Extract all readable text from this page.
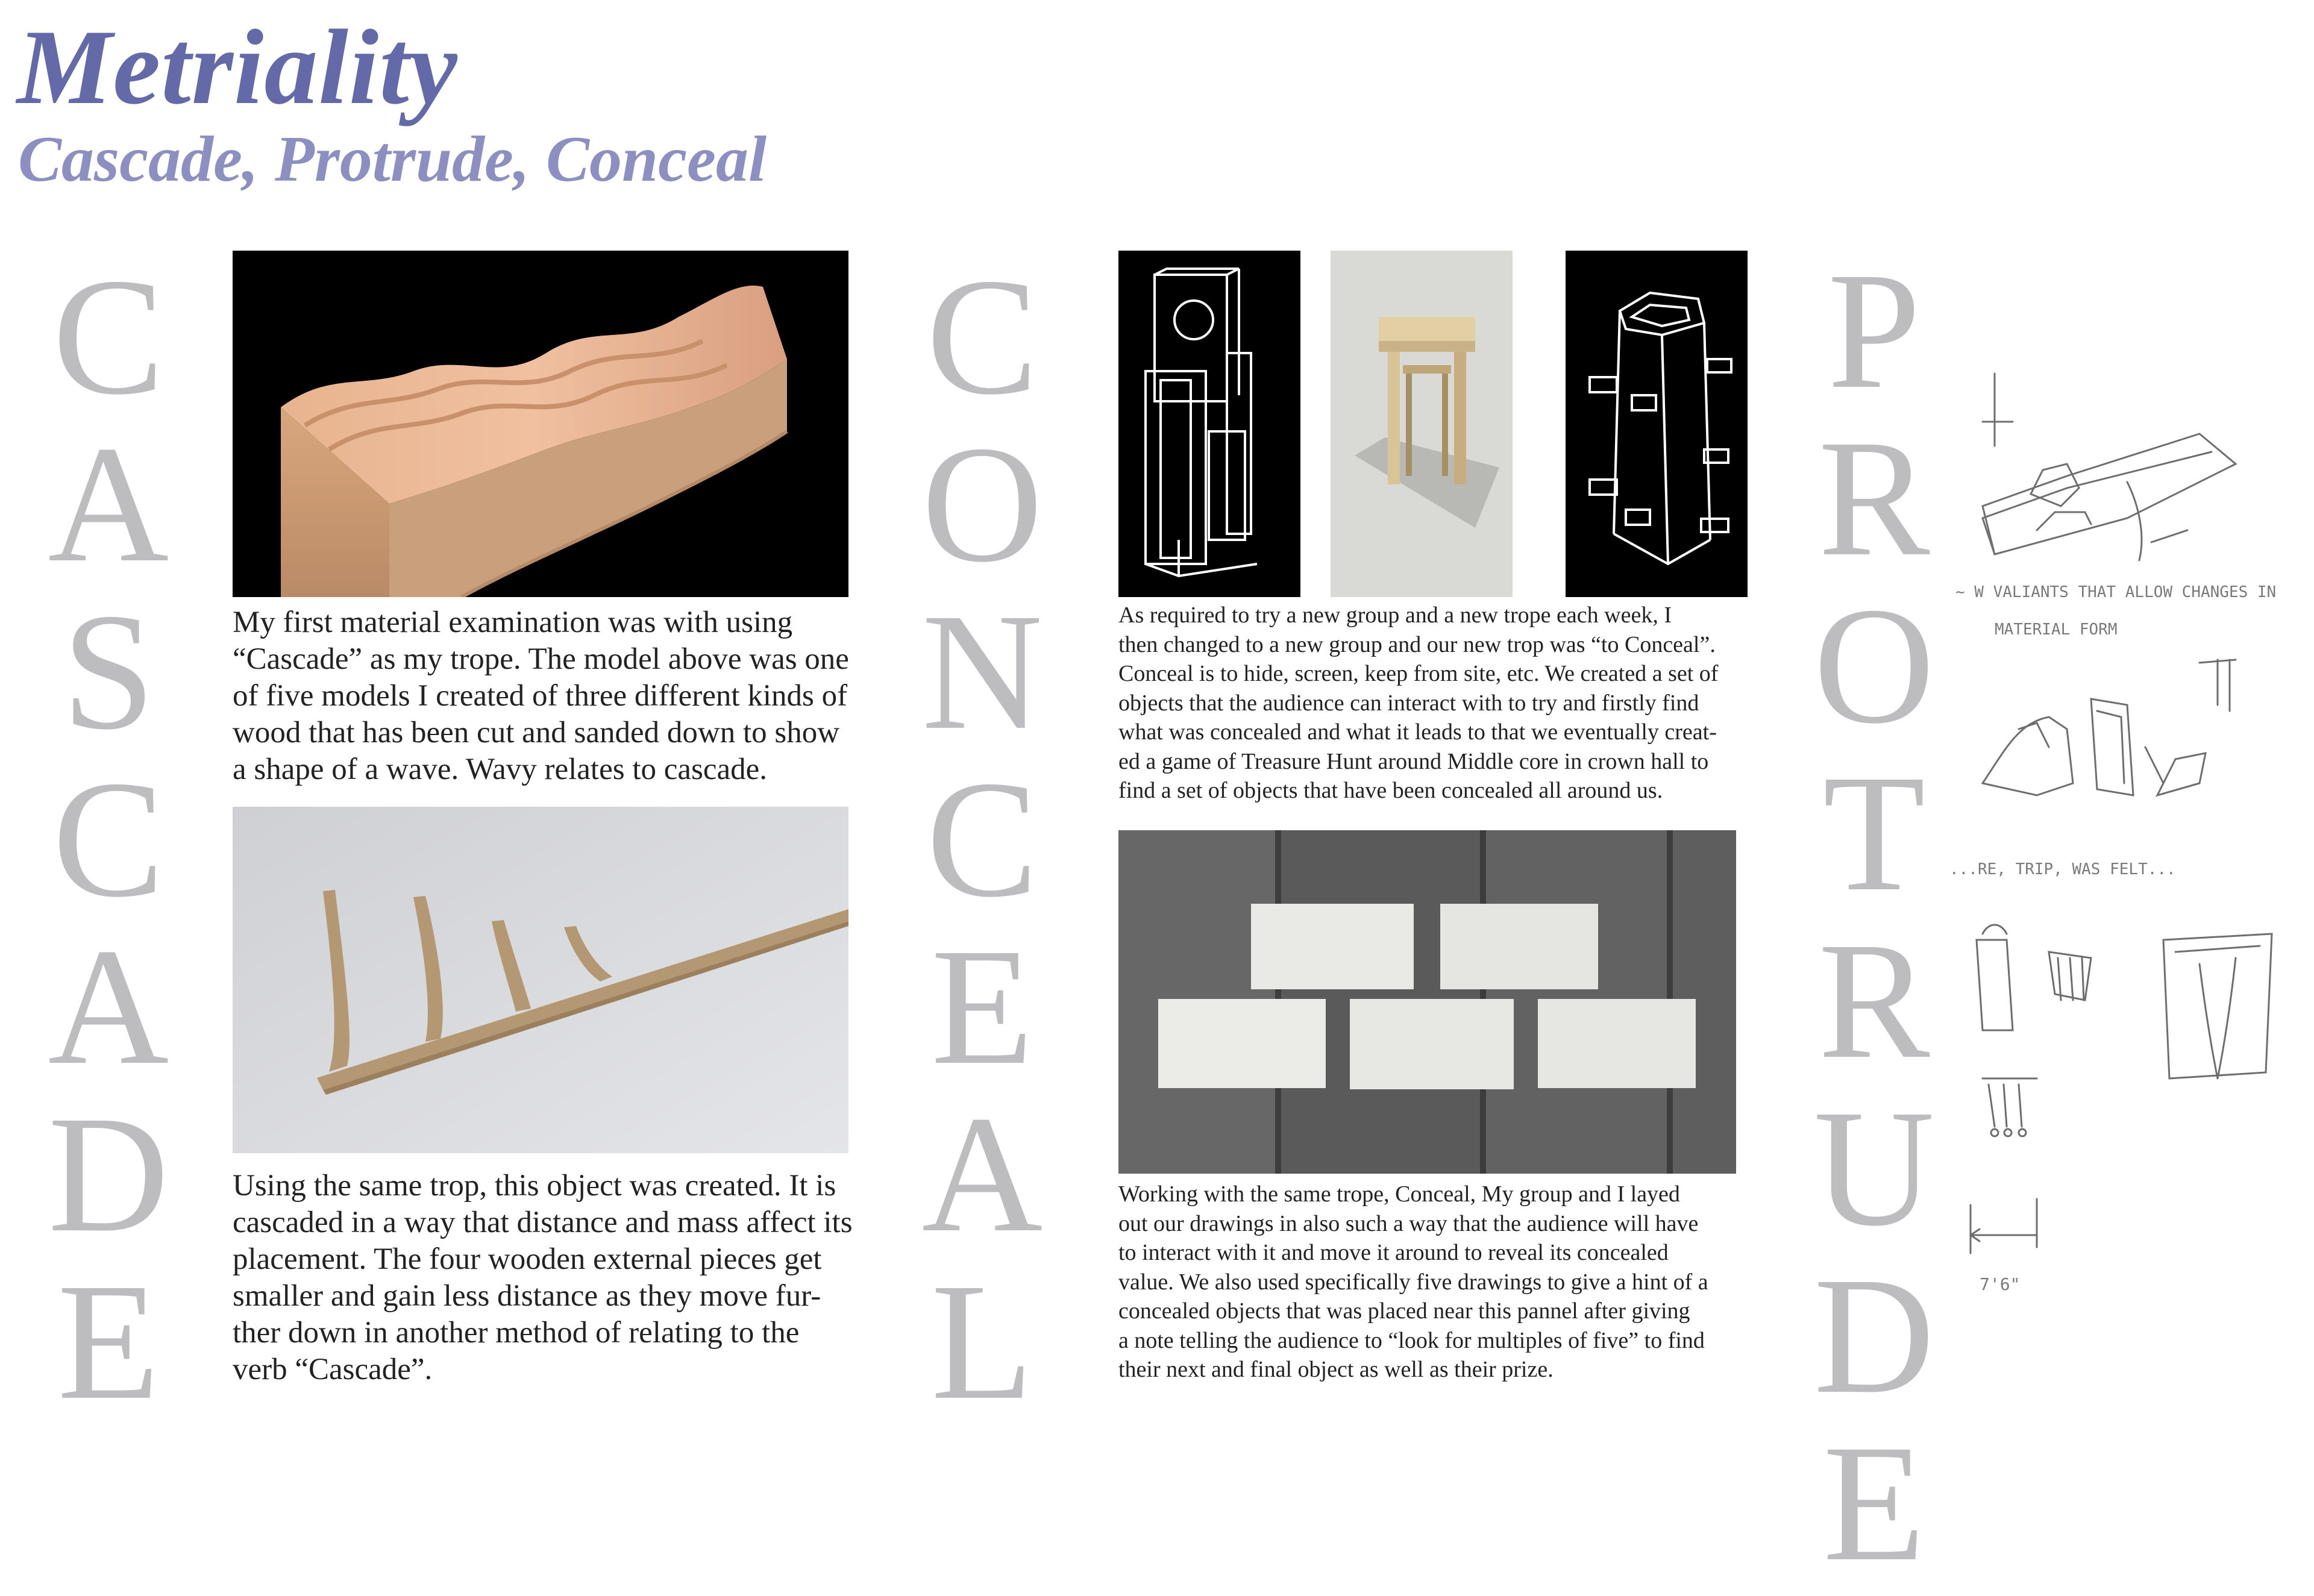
Metriality
Cascade, Protrude, Conceal
C
A
S
C
A
D
E
C
O
N
C
E
A
L
P
R
O
T
R
U
D
E
My first material examination was with using
“Cascade” as my trope. The model above was one
of five models I created of three different kinds of
wood that has been cut and sanded down to show
a shape of a wave. Wavy relates to cascade.
Using the same trop, this object was created. It is
cascaded in a way that distance and mass affect its
placement. The four wooden external pieces get
smaller and gain less distance as they move fur-
ther down in another method of relating to the
verb “Cascade”.
As required to try a new group and a new trope each week, I
then changed to a new group and our new trop was “to Conceal”.
Conceal is to hide, screen, keep from site, etc. We created a set of
objects that the audience can interact with to try and firstly find
what was concealed and what it leads to that we eventually creat-
ed a game of Treasure Hunt around Middle core in crown hall to
find a set of objects that have been concealed all around us.
Working with the same trope, Conceal, My group and I layed
out our drawings in also such a way that the audience will have
to interact with it and move it around to reveal its concealed
value. We also used specifically five drawings to give a hint of a
concealed objects that was placed near this pannel after giving
a note telling the audience to “look for multiples of five” to find
their next and final object as well as their prize.
~ W VALIANTS THAT ALLOW CHANGES IN
MATERIAL FORM
...RE, TRIP, WAS FELT...
7'6"
